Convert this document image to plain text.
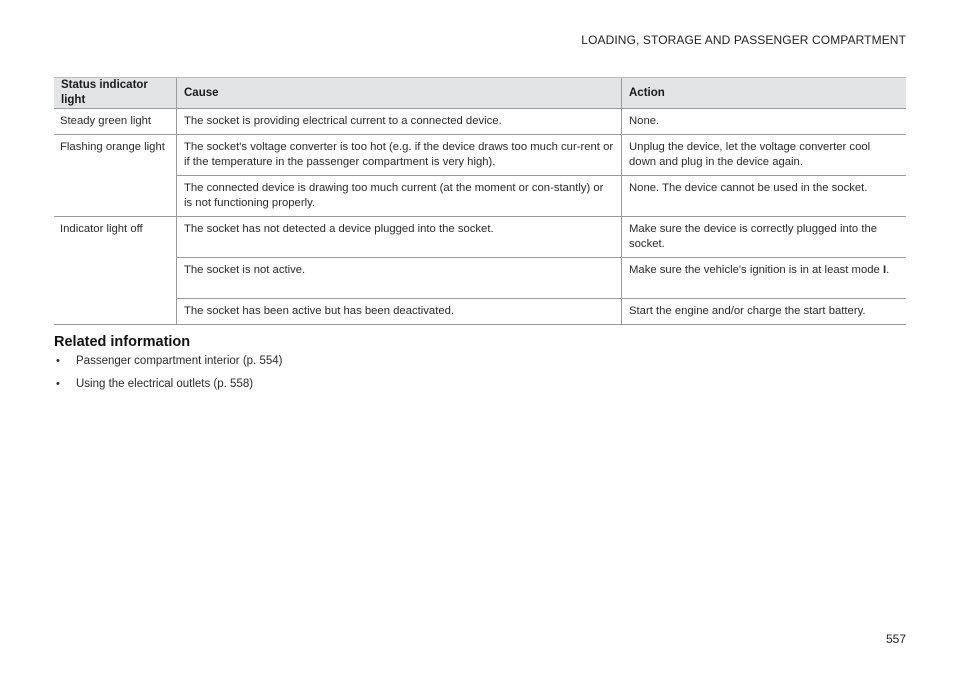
LOADING, STORAGE AND PASSENGER COMPARTMENT
Status indicator light	Cause	Action
Steady green light	The socket is providing electrical current to a connected device.	None.
Flashing orange light	The socket's voltage converter is too hot (e.g. if the device draws too much cur-rent or if the temperature in the passenger compartment is very high).	Unplug the device, let the voltage converter cool down and plug in the device again.
	The connected device is drawing too much current (at the moment or con-stantly) or is not functioning properly.	None. The device cannot be used in the socket.
Indicator light off	The socket has not detected a device plugged into the socket.	Make sure the device is correctly plugged into the socket.
	The socket is not active.	Make sure the vehicle's ignition is in at least mode I.
	The socket has been active but has been deactivated.	Start the engine and/or charge the start battery.
Related information
• Passenger compartment interior (p. 554)
• Using the electrical outlets (p. 558)
557
